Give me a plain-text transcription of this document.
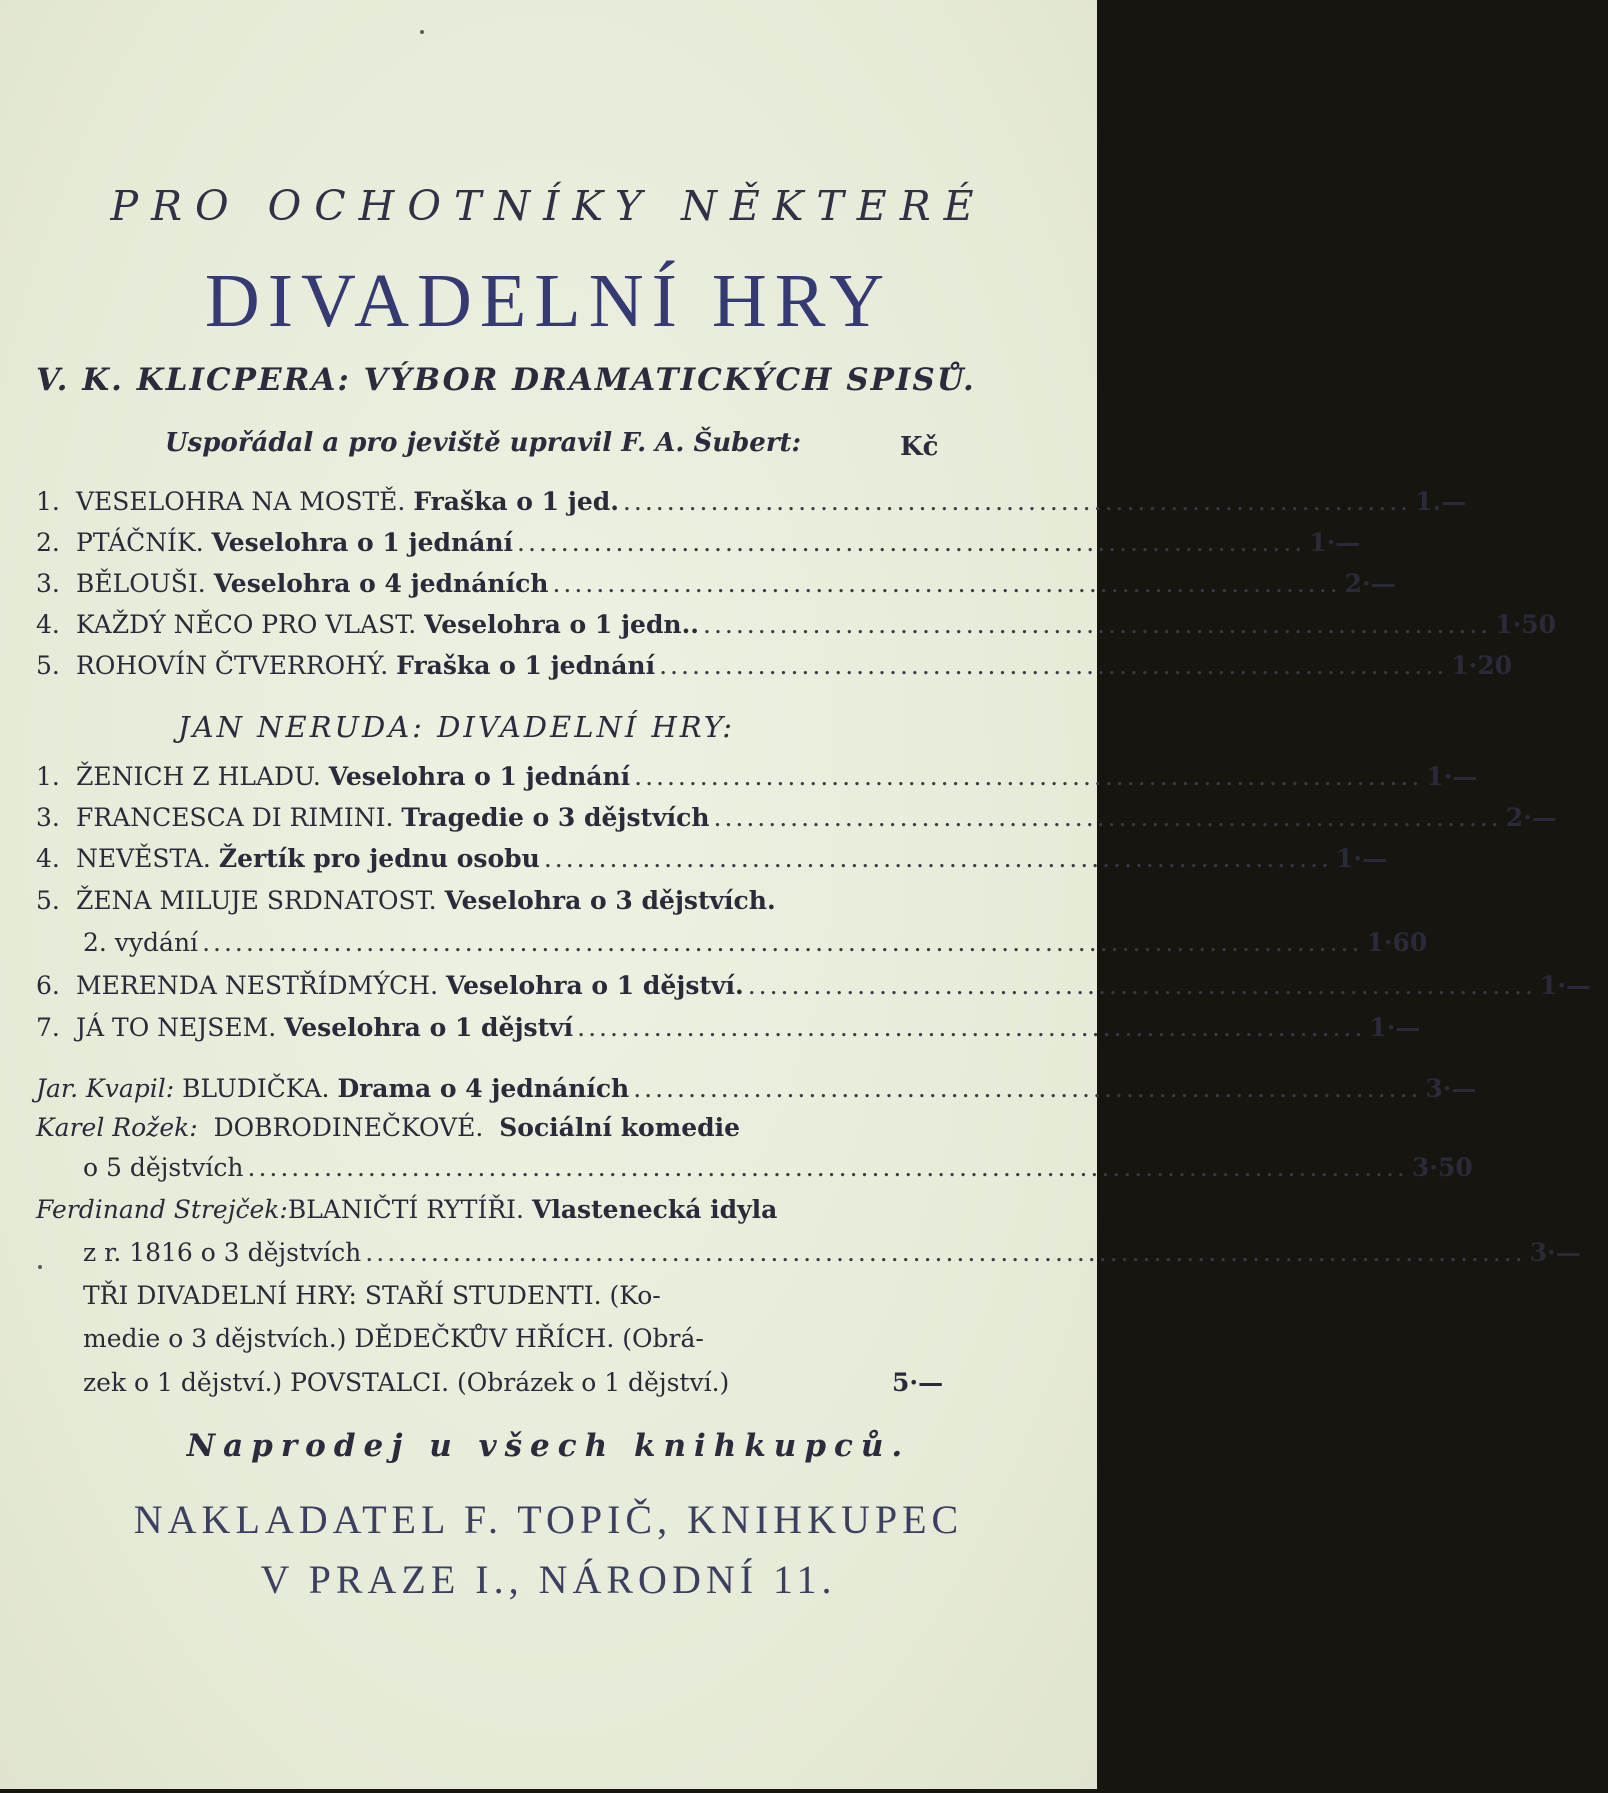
PRO OCHOTNÍKY NĚKTERÉ
DIVADELNÍ HRY
V. K. KLICPERA: VÝBOR DRAMATICKÝCH SPISŮ.
Uspořádal a pro jeviště upravil F. A. Šubert:	Kč
1. VESELOHRA NA MOSTĚ. Fraška o 1 jed. ........................................................................ 1.—
2. PTÁČNÍK. Veselohra o 1 jednání ........................................................................ 1·—
3. BĚLOUŠI. Veselohra o 4 jednáních ........................................................................ 2·—
4. KAŽDÝ NĚCO PRO VLAST. Veselohra o 1 jedn.. ........................................................................ 1·50
5. ROHOVÍN ČTVERROHÝ. Fraška o 1 jednání ........................................................................ 1·20
JAN NERUDA: DIVADELNÍ HRY:
1. ŽENICH Z HLADU. Veselohra o 1 jednání ........................................................................ 1·—
3. FRANCESCA DI RIMINI. Tragedie o 3 dějstvích ........................................................................ 2·—
4. NEVĚSTA. Žertík pro jednu osobu ........................................................................ 1·—
5. ŽENA MILUJE SRDNATOST. Veselohra o 3 dějstvích.
2. vydání .......................................................................................................... 1·60
6. MERENDA NESTŘÍDMÝCH. Veselohra o 1 dějství. ........................................................................ 1·—
7. JÁ TO NEJSEM. Veselohra o 1 dějství ........................................................................ 1·—
Jar. Kvapil: BLUDIČKA. Drama o 4 jednáních ........................................................................ 3·—
Karel Rožek: DOBRODINEČKOVÉ. Sociální komedie
o 5 dějstvích .......................................................................................................... 3·50
Ferdinand Strejček:BLANIČTÍ RYTÍŘI. Vlastenecká idyla
z r. 1816 o 3 dějstvích .......................................................................................................... 3·—
TŘI DIVADELNÍ HRY: STAŘÍ STUDENTI. (Ko-
medie o 3 dějstvích.) DĚDEČKŮV HŘÍCH. (Obrá-
zek o 1 dějství.) POVSTALCI. (Obrázek o 1 dějství.)	5·—
Naprodej u všech knihkupců.
NAKLADATEL F. TOPIČ, KNIHKUPEC
V PRAZE I., NÁRODNÍ 11.
